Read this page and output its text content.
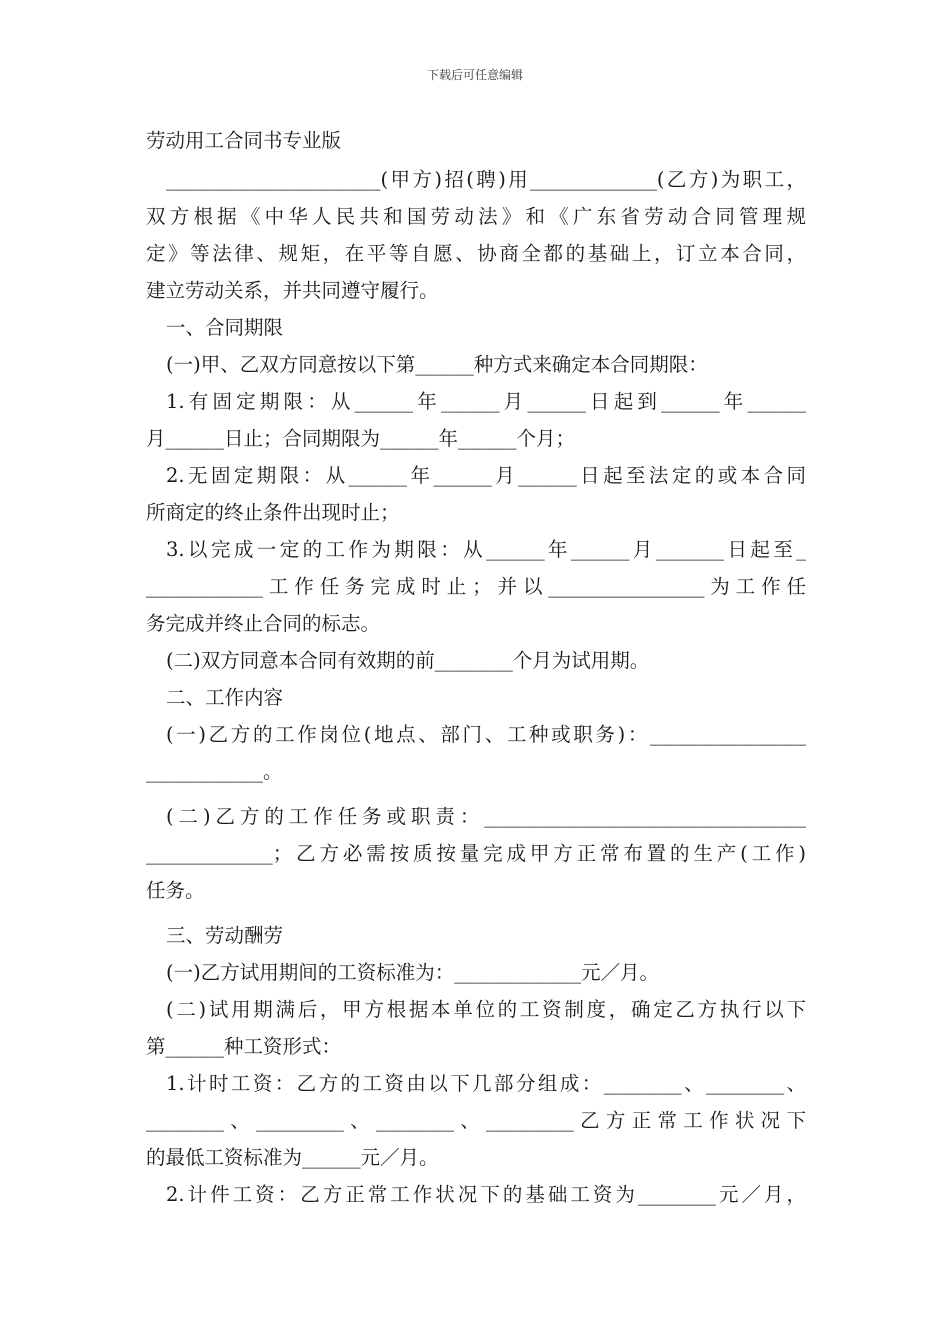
下载后可任意编辑
劳动用工合同书专业版
______________________(甲方)招(聘)用_____________(乙方)为职工，
双方根据《中华人民共和国劳动法》和《广东省劳动合同管理规
定》等法律、规矩，在平等自愿、协商全都的基础上，订立本合同，
建立劳动关系，并共同遵守履行。
一、合同期限
(一)甲、乙双方同意按以下第______种方式来确定本合同期限：
1.有固定期限：从______年______月______日起到______年______
月______日止；合同期限为______年______个月；
2.无固定期限：从______年______月______日起至法定的或本合同
所商定的终止条件出现时止；
3.以完成一定的工作为期限：从______年______月_______日起至_
____________工作任务完成时止；并以________________为工作任
务完成并终止合同的标志。
(二)双方同意本合同有效期的前________个月为试用期。
二、工作内容
(一)乙方的工作岗位(地点、部门、工种或职务)：________________
____________。
(二)乙方的工作任务或职责：_________________________________
_____________；乙方必需按质按量完成甲方正常布置的生产(工作)
任务。
三、劳动酬劳
(一)乙方试用期间的工资标准为：_____________元／月。
(二)试用期满后，甲方根据本单位的工资制度，确定乙方执行以下
第______种工资形式：
1.计时工资：乙方的工资由以下几部分组成：________、________、
________、_________、________、_________乙方正常工作状况下
的最低工资标准为______元／月。
2.计件工资：乙方正常工作状况下的基础工资为________元／月，
